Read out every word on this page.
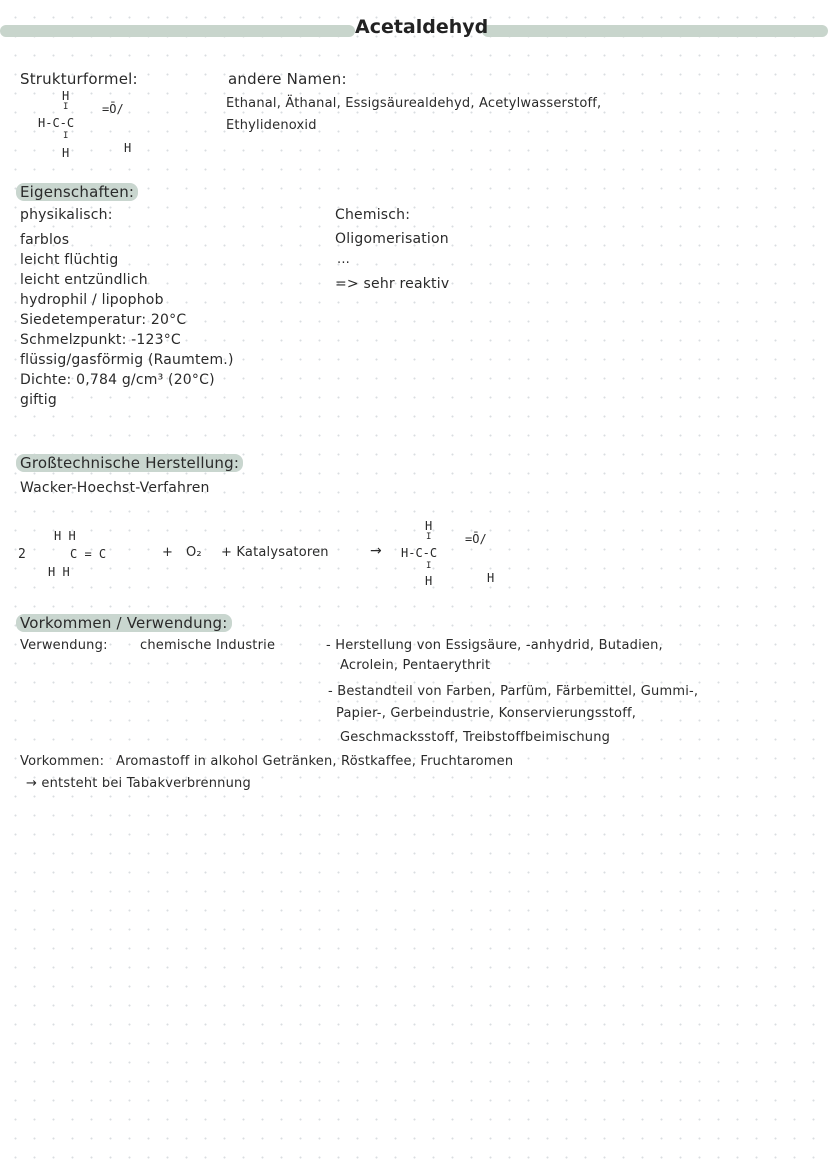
Acetaldehyd
Strukturformel:
H
I
H-C-C
=Ō/
I
H	H
andere Namen:
Ethanal, Äthanal, Essigsäurealdehyd, Acetylwasserstoff,
Ethylidenoxid
Eigenschaften:
physikalisch:
farblos
leicht flüchtig
leicht entzündlich
hydrophil / lipophob
Siedetemperatur: 20°C
Schmelzpunkt: -123°C
flüssig/gasförmig (Raumtem.)
Dichte: 0,784 g/cm³ (20°C)
giftig
Chemisch:
Oligomerisation
...
=> sehr reaktiv
Großtechnische Herstellung:
Wacker-Hoechst-Verfahren
2
H H
C = C
H H
+ O₂ + Katalysatoren	→
H
I
H-C-C
=Ō/
I
H	H
Vorkommen / Verwendung:
Verwendung: chemische Industrie	- Herstellung von Essigsäure, -anhydrid, Butadien,
Acrolein, Pentaerythrit
- Bestandteil von Farben, Parfüm, Färbemittel, Gummi-,
Papier-, Gerbeindustrie, Konservierungsstoff,
Geschmacksstoff, Treibstoffbeimischung
Vorkommen: Aromastoff in alkohol Getränken, Röstkaffee, Fruchtaromen
→ entsteht bei Tabakverbrennung
